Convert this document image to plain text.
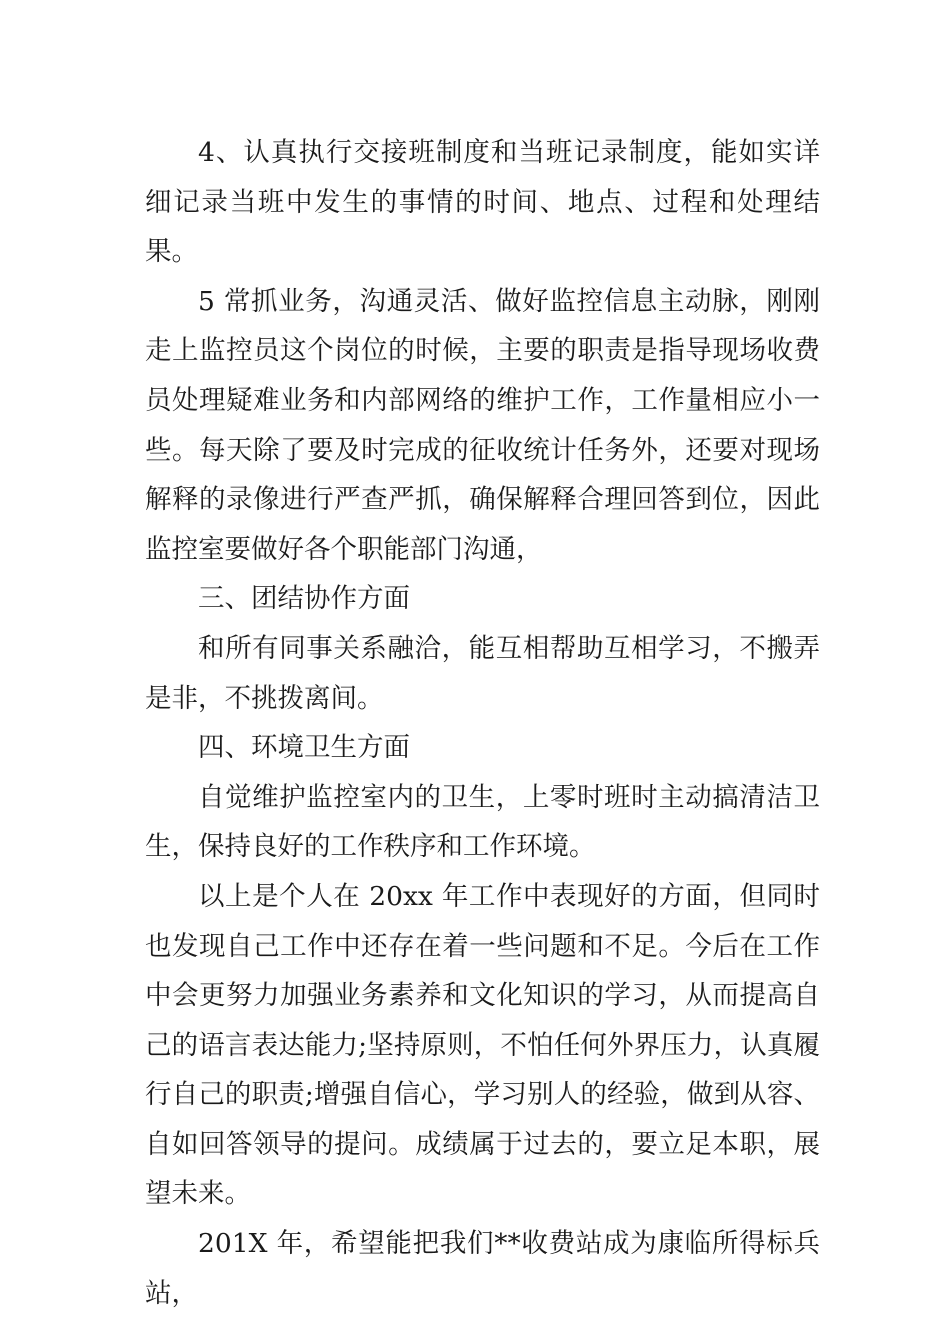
4、认真执行交接班制度和当班记录制度，能如实详细记录当班中发生的事情的时间、地点、过程和处理结果。

5 常抓业务，沟通灵活、做好监控信息主动脉，刚刚走上监控员这个岗位的时候，主要的职责是指导现场收费员处理疑难业务和内部网络的维护工作，工作量相应小一些。每天除了要及时完成的征收统计任务外，还要对现场解释的录像进行严查严抓，确保解释合理回答到位，因此监控室要做好各个职能部门沟通，

三、团结协作方面

和所有同事关系融洽，能互相帮助互相学习，不搬弄是非，不挑拨离间。

四、环境卫生方面

自觉维护监控室内的卫生，上零时班时主动搞清洁卫生，保持良好的工作秩序和工作环境。

以上是个人在 20xx 年工作中表现好的方面，但同时也发现自己工作中还存在着一些问题和不足。今后在工作中会更努力加强业务素养和文化知识的学习，从而提高自己的语言表达能力;坚持原则，不怕任何外界压力，认真履行自己的职责;增强自信心，学习别人的经验，做到从容、自如回答领导的提问。成绩属于过去的，要立足本职，展望未来。

201X 年，希望能把我们**收费站成为康临所得标兵站，
